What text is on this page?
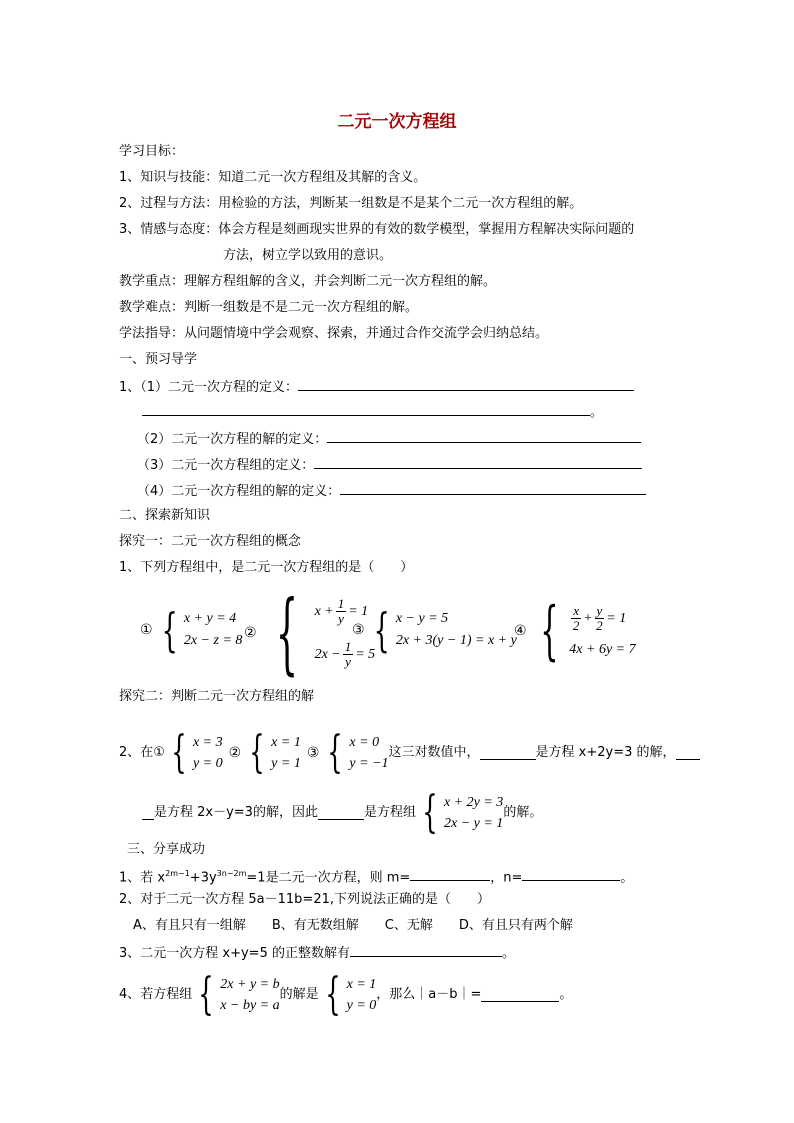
二元一次方程组
学习目标：
1、知识与技能：知道二元一次方程组及其解的含义。
2、过程与方法：用检验的方法，判断某一组数是不是某个二元一次方程组的解。
3、情感与态度：体会方程是刻画现实世界的有效的数学模型，掌握用方程解决实际问题的
方法，树立学以致用的意识。
教学重点：理解方程组解的含义，并会判断二元一次方程组的解。
教学难点：判断一组数是不是二元一次方程组的解。
学法指导：从问题情境中学会观察、探索，并通过合作交流学会归纳总结。
一、预习导学
1、（1）二元一次方程的定义：
。
（2）二元一次方程的解的定义：
（3）二元一次方程组的定义：
（4）二元一次方程组的解的定义：
二、探索新知识
探究一：二元一次方程组的概念
1、下列方程组中，是二元一次方程组的是（　　）
① { x + y = 4
2x − z = 8 ② { $x + \frac{1}{y} = 1$
$2x - \frac{1}{y} = 5$
③ { x − y = 5
2x + 3(y − 1) = x + y
④ { $\frac{x}{2} + \frac{y}{2} = 1$
4x + 6y = 7
探究二：判断二元一次方程组的解
2、在① { x = 3
y = 0
② { x = 1
y = 1
③ { x = 0
y = −1
这三对数值中，	是方程 x+2y=3 的解，
是方程 2x－y=3的解，因此	是方程组 { x + 2y = 3
2x − y = 1
的解。
三、分享成功
1、若 $x^{2m-1}+3y^{3n-2m}=1$是二元一次方程，则 m=	，n=	。
2、对于二元一次方程 5a－11b=21,下列说法正确的是（　　）
A、有且只有一组解　　B、有无数组解　　C、无解　　D、有且只有两个解
3、二元一次方程 x+y=5 的正整数解有	。
4、若方程组 { 2x + y = b
x − by = a
的解是 { x = 1
y = 0
，那么｜a－b｜=	。
